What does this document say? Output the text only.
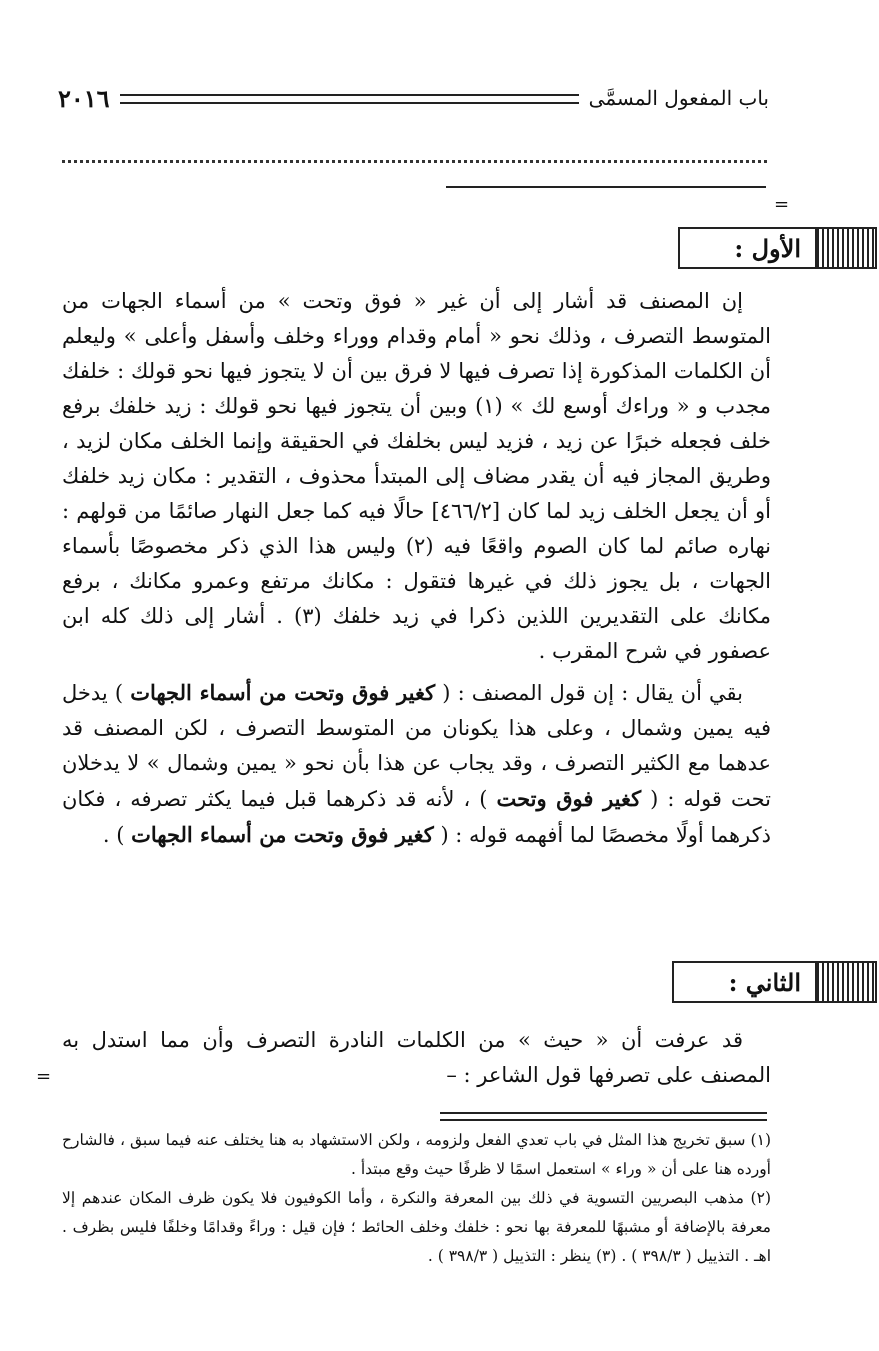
باب المفعول المسمَّى
٢٠١٦
=
الأول :

إن المصنف قد أشار إلى أن غير « فوق وتحت » من أسماء الجهات من المتوسط التصرف ، وذلك نحو « أمام وقدام ووراء وخلف وأسفل وأعلى » وليعلم أن الكلمات المذكورة إذا تصرف فيها لا فرق بين أن لا يتجوز فيها نحو قولك : خلفك مجدب و « وراءك أوسع لك » (١) وبين أن يتجوز فيها نحو قولك : زيد خلفك برفع خلف فجعله خبرًا عن زيد ، فزيد ليس بخلفك في الحقيقة وإنما الخلف مكان لزيد ، وطريق المجاز فيه أن يقدر مضاف إلى المبتدأ محذوف ، التقدير : مكان زيد خلفك أو أن يجعل الخلف زيد لما كان [٤٦٦/٢] حالًا فيه كما جعل النهار صائمًا من قولهم : نهاره صائم لما كان الصوم واقعًا فيه (٢) وليس هذا الذي ذكر مخصوصًا بأسماء الجهات ، بل يجوز ذلك في غيرها فتقول : مكانك مرتفع وعمرو مكانك ، برفع مكانك على التقديرين اللذين ذكرا في زيد خلفك (٣) . أشار إلى ذلك كله ابن عصفور في شرح المقرب .

بقي أن يقال : إن قول المصنف : ( كغير فوق وتحت من أسماء الجهات ) يدخل فيه يمين وشمال ، وعلى هذا يكونان من المتوسط التصرف ، لكن المصنف قد عدهما مع الكثير التصرف ، وقد يجاب عن هذا بأن نحو « يمين وشمال » لا يدخلان تحت قوله : ( كغير فوق وتحت ) ، لأنه قد ذكرهما قبل فيما يكثر تصرفه ، فكان ذكرهما أولًا مخصصًا لما أفهمه قوله : ( كغير فوق وتحت من أسماء الجهات ) .

الثاني :

قد عرفت أن « حيث » من الكلمات النادرة التصرف وأن مما استدل به المصنف على تصرفها قول الشاعر : –

=

(١) سبق تخريج هذا المثل في باب تعدي الفعل ولزومه ، ولكن الاستشهاد به هنا يختلف عنه فيما سبق ، فالشارح أورده هنا على أن « وراء » استعمل اسمًا لا ظرفًا حيث وقع مبتدأ .

(٢) مذهب البصريين التسوية في ذلك بين المعرفة والنكرة ، وأما الكوفيون فلا يكون ظرف المكان عندهم إلا معرفة بالإضافة أو مشبهًا للمعرفة بها نحو : خلفك وخلف الحائط ؛ فإن قيل : وراءً وقدامًا وخلفًا فليس بظرف . اهـ . التذييل ( ٣٩٨/٣ ) . (٣) ينظر : التذييل ( ٣٩٨/٣ ) .
